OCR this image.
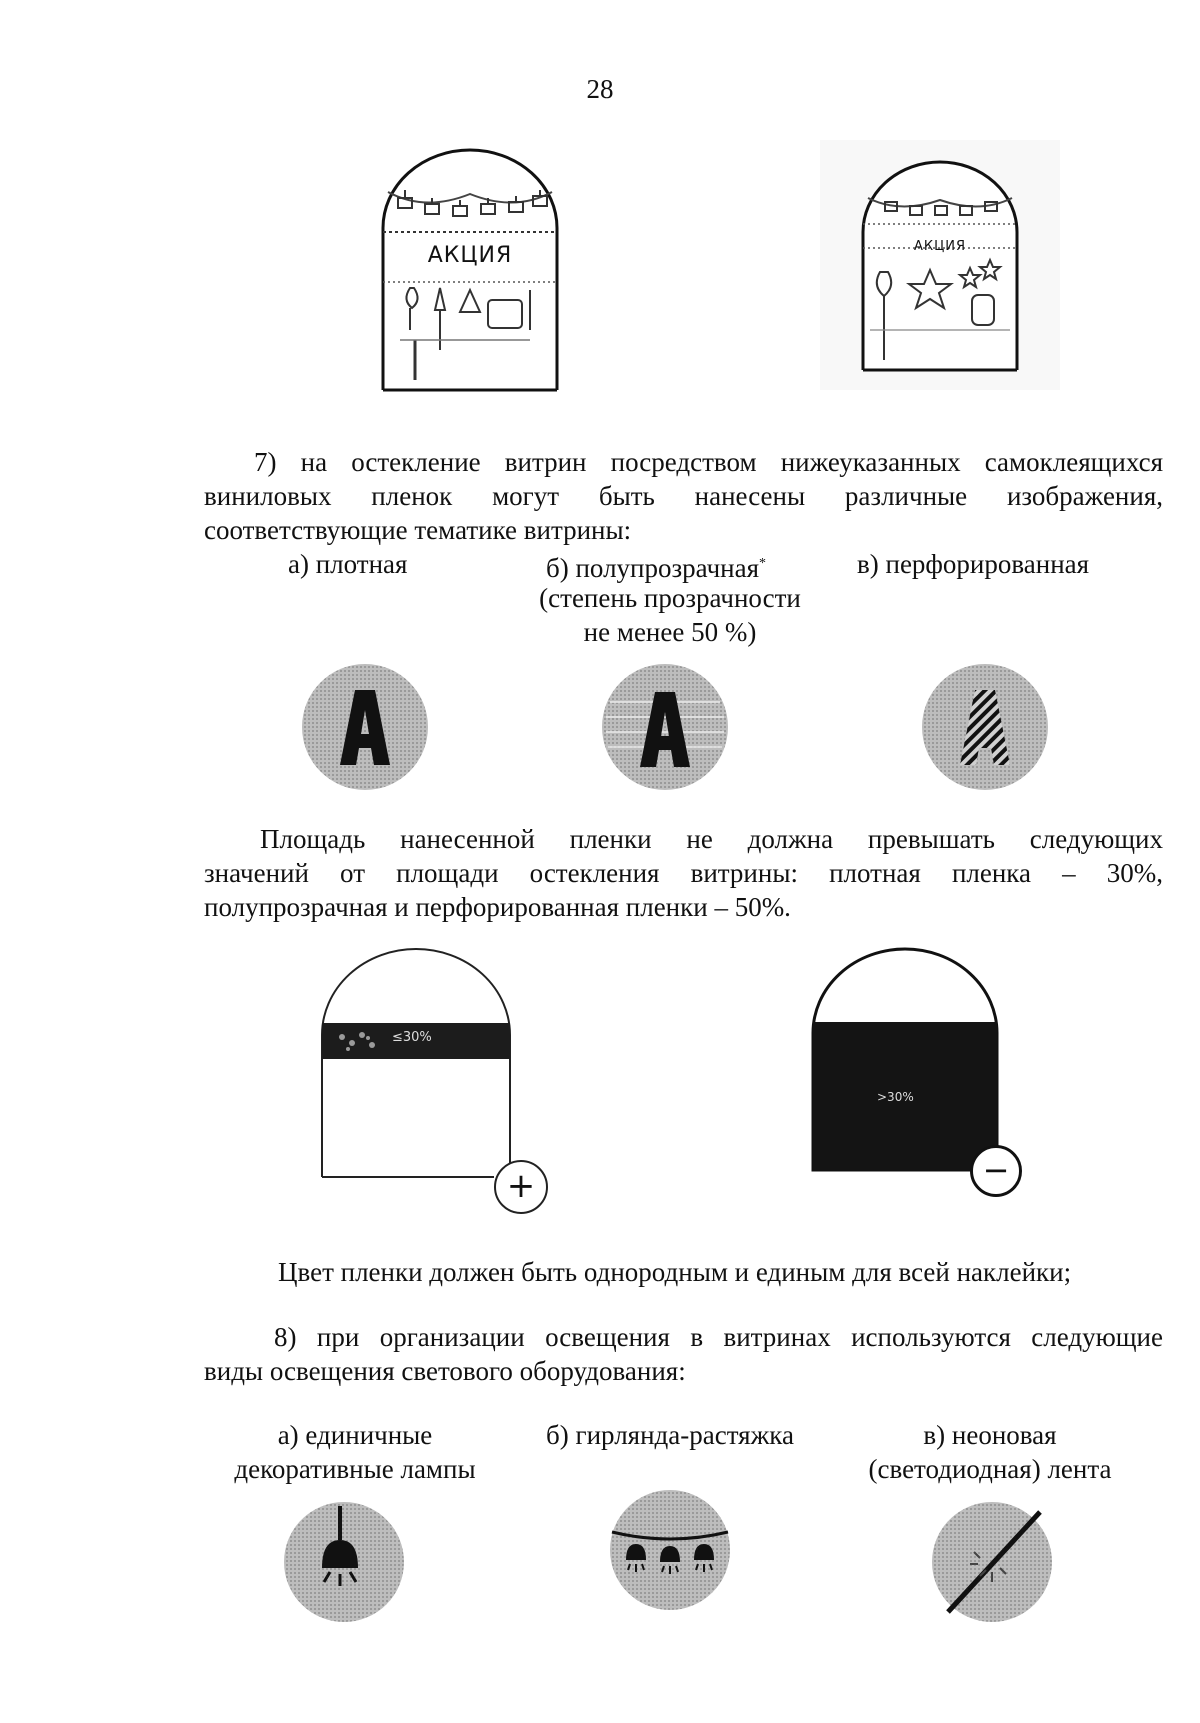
28
АКЦИЯ	АКЦИЯ
7) на остекление витрин посредством нижеуказанных самоклеящихся
виниловых пленок могут быть нанесены различные изображения,
соответствующие тематике витрины:
а) плотная	б) полупрозрачная*	в) перфорированная
(степень прозрачности
не менее 50 %)
Площадь нанесенной пленки не должна превышать следующих
значений от площади остекления витрины: плотная пленка – 30%,
полупрозрачная и перфорированная пленки – 50%.
≤30%
+
>30%
−
Цвет пленки должен быть однородным и единым для всей наклейки;
8) при организации освещения в витринах используются следующие
виды освещения светового оборудования:
а) единичные
декоративные лампы
б) гирлянда-растяжка	в) неоновая
(светодиодная) лента
